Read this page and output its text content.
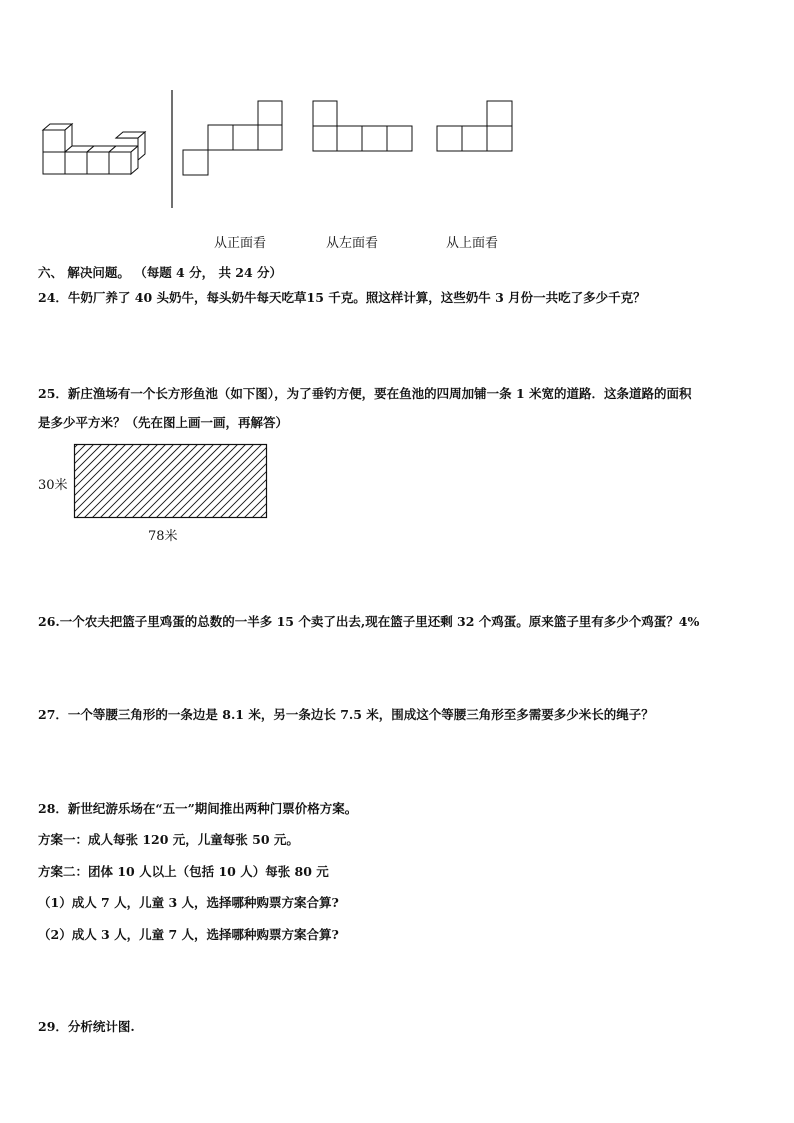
从正面看	从左面看	从上面看
六、 解决问题。 （每题 4 分， 共 24 分）
24．牛奶厂养了 40 头奶牛，每头奶牛每天吃草15 千克。照这样计算，这些奶牛 3 月份一共吃了多少千克？
25．新庄渔场有一个长方形鱼池（如下图），为了垂钓方便，要在鱼池的四周加铺一条 1 米宽的道路．这条道路的面积
是多少平方米？（先在图上画一画，再解答）
30米
78米
26.一个农夫把篮子里鸡蛋的总数的一半多 15 个卖了出去,现在篮子里还剩 32 个鸡蛋。原来篮子里有多少个鸡蛋？4%
27．一个等腰三角形的一条边是 8.1 米，另一条边长 7.5 米，围成这个等腰三角形至多需要多少米长的绳子？
28．新世纪游乐场在“五一”期间推出两种门票价格方案。
方案一：成人每张 120 元，儿童每张 50 元。
方案二：团体 10 人以上（包括 10 人）每张 80 元
（1）成人 7 人，儿童 3 人，选择哪种购票方案合算?
（2）成人 3 人，儿童 7 人，选择哪种购票方案合算?
29．分析统计图.
